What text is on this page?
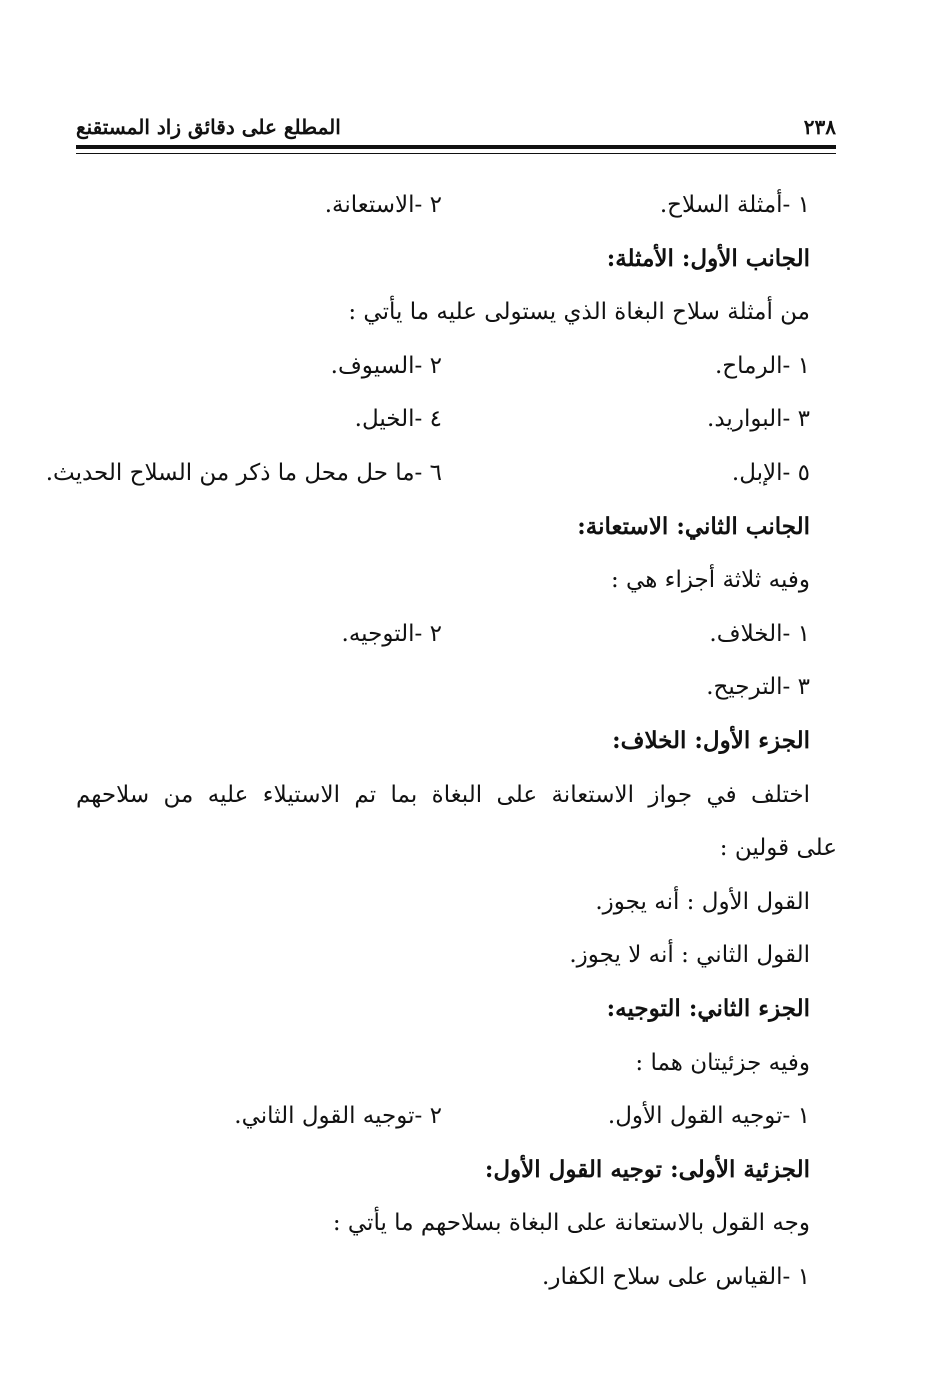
٢٣٨
المطلع على دقائق زاد المستقنع
١ -أمثلة السلاح.
٢ -الاستعانة.
الجانب الأول: الأمثلة:
من أمثلة سلاح البغاة الذي يستولى عليه ما يأتي :
١ -الرماح.
٢ -السيوف.
٣ -البواريد.
٤ -الخيل.
٥ -الإبل.
٦ -ما حل محل ما ذكر من السلاح الحديث.
الجانب الثاني: الاستعانة:
وفيه ثلاثة أجزاء هي :
١ -الخلاف.
٢ -التوجيه.
٣ -الترجيح.
الجزء الأول: الخلاف:
اختلف في جواز الاستعانة على البغاة بما تم الاستيلاء عليه من سلاحهم
على قولين :
القول الأول : أنه يجوز.
القول الثاني : أنه لا يجوز.
الجزء الثاني: التوجيه:
وفيه جزئيتان هما :
١ -توجيه القول الأول.
٢ -توجيه القول الثاني.
الجزئية الأولى: توجيه القول الأول:
وجه القول بالاستعانة على البغاة بسلاحهم ما يأتي :
١ -القياس على سلاح الكفار.
